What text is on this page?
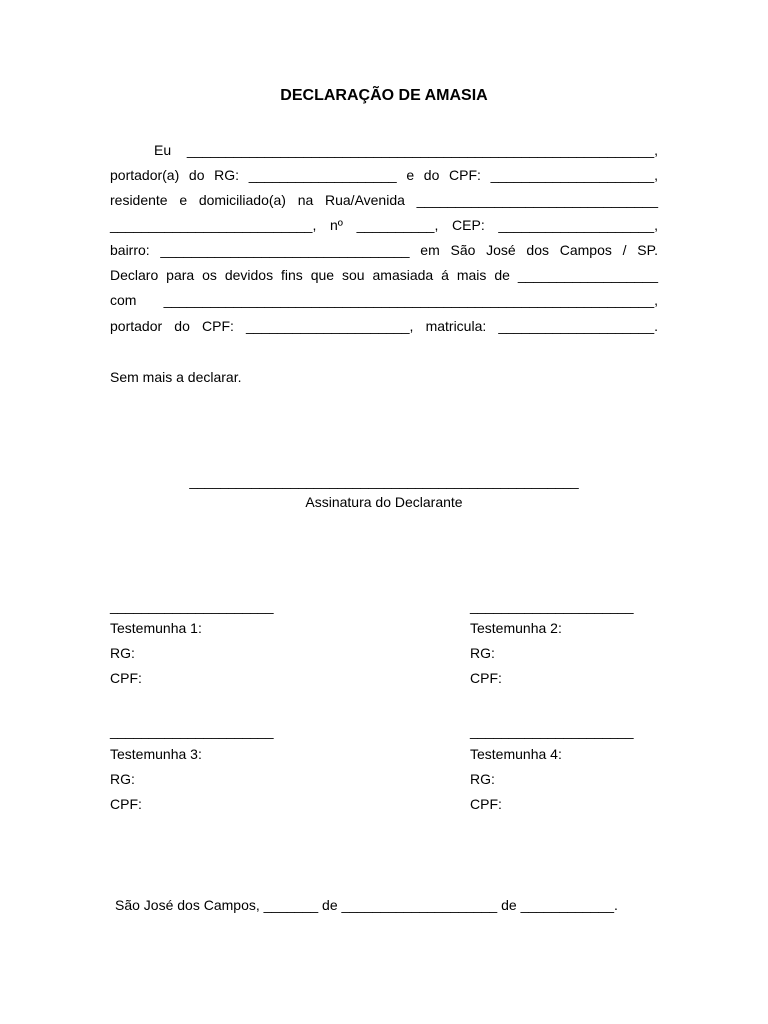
DECLARAÇÃO DE AMASIA
Eu ____________________________________________________________,
portador(a) do RG: ___________________ e do CPF: _____________________,
residente e domiciliado(a) na Rua/Avenida _______________________________
__________________________, nº __________, CEP: ____________________,
bairro: ________________________________ em São José dos Campos / SP.
Declaro para os devidos fins que sou amasiada á mais de __________________
com _______________________________________________________________,
portador do CPF: _____________________, matricula: ____________________.
Sem mais a declarar.
__________________________________________________
Assinatura do Declarante
_____________________
Testemunha 1:
RG:
CPF:
_____________________
Testemunha 2:
RG:
CPF:
_____________________
Testemunha 3:
RG:
CPF:
_____________________
Testemunha 4:
RG:
CPF:
São José dos Campos, _______ de ____________________ de ____________.
